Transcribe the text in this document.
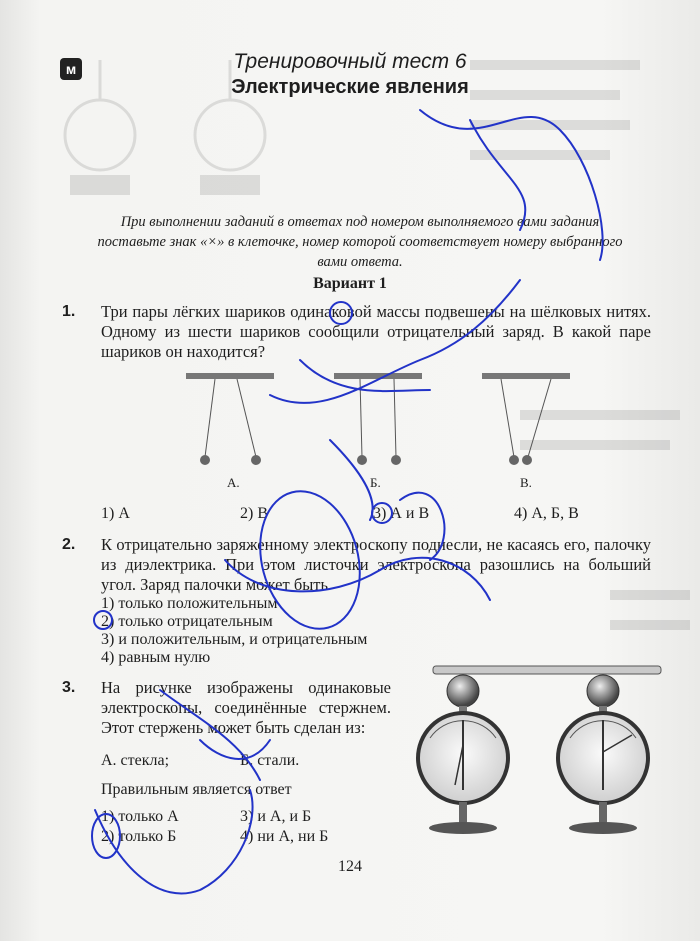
м	Тренировочный тест 6
Электрические явления
При выполнении заданий в ответах под номером выполняемого вами задания поставьте знак «×» в клеточке, номер которой соответствует номеру выбранного вами ответа.
Вариант 1
1. Три пары лёгких шариков одинаковой массы подвешены на шёлковых нитях. Одному из шести шариков сообщили отрицательный заряд. В какой паре шариков он находится?
А.	Б.	В.
1) А	2) В	3) А и В	4) А, Б, В
2. К отрицательно заряженному электроскопу поднесли, не касаясь его, палочку из диэлектрика. При этом листочки электроскопа разошлись на больший угол. Заряд палочки может быть
1) только положительным
2) только отрицательным
3) и положительным, и отрицательным
4) равным нулю
3. На рисунке изображены одинаковые электроскопы, соединённые стержнем. Этот стержень может быть сделан из:
А. стекла;	Б. стали.
Правильным является ответ
1) только А	3) и А, и Б
2) только Б	4) ни А, ни Б
124
